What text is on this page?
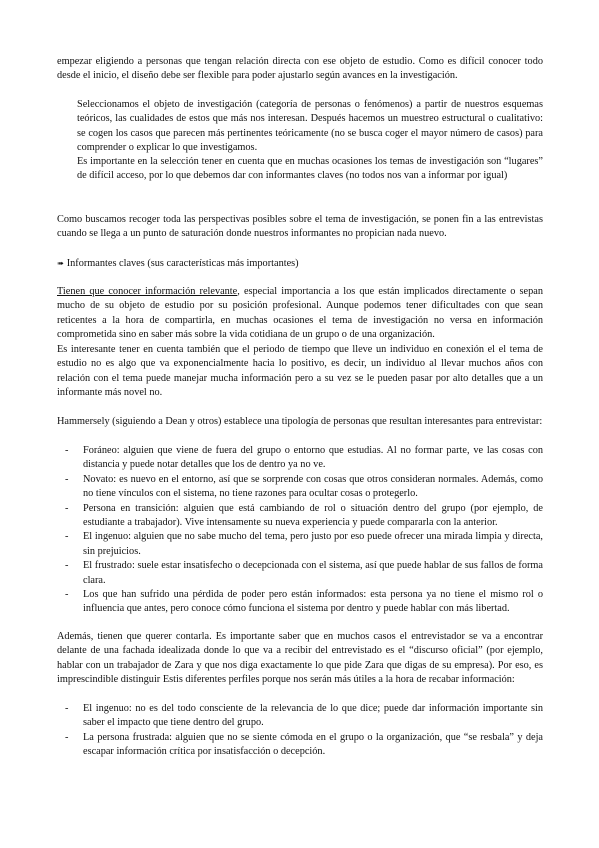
empezar eligiendo a personas que tengan relación directa con ese objeto de estudio. Como es difícil conocer todo desde el inicio, el diseño debe ser flexible para poder ajustarlo según avances en la investigación.

Seleccionamos el objeto de investigación (categoría de personas o fenómenos) a partir de nuestros esquemas teóricos, las cualidades de estos que más nos interesan. Después hacemos un muestreo estructural o cualitativo: se cogen los casos que parecen más pertinentes teóricamente (no se busca coger el mayor número de casos) para comprender o explicar lo que investigamos.

Es importante en la selección tener en cuenta que en muchas ocasiones los temas de investigación son “lugares” de difícil acceso, por lo que debemos dar con informantes claves (no todos nos van a informar por igual)

Como buscamos recoger toda las perspectivas posibles sobre el tema de investigación, se ponen fin a las entrevistas cuando se llega a un punto de saturación donde nuestros informantes no propician nada nuevo.

➠ Informantes claves (sus características más importantes)

Tienen que conocer información relevante, especial importancia a los que están implicados directamente o sepan mucho de su objeto de estudio por su posición profesional. Aunque podemos tener dificultades con que sean reticentes a la hora de compartirla, en muchas ocasiones el tema de investigación no versa en información comprometida sino en saber más sobre la vida cotidiana de un grupo o de una organización.

Es interesante tener en cuenta también que el periodo de tiempo que lleve un individuo en conexión el el tema de estudio no es algo que va exponencialmente hacia lo positivo, es decir, un individuo al llevar muchos años con relación con el tema puede manejar mucha información pero a su vez se le pueden pasar por alto detalles que a un informante más novel no.

Hammersely (siguiendo a Dean y otros) establece una tipología de personas que resultan interesantes para entrevistar:

- Foráneo: alguien que viene de fuera del grupo o entorno que estudias. Al no formar parte, ve las cosas con distancia y puede notar detalles que los de dentro ya no ve.
- Novato: es nuevo en el entorno, así que se sorprende con cosas que otros consideran normales. Además, como no tiene vínculos con el sistema, no tiene razones para ocultar cosas o protegerlo.
- Persona en transición: alguien que está cambiando de rol o situación dentro del grupo (por ejemplo, de estudiante a trabajador). Vive intensamente su nueva experiencia y puede compararla con la anterior.
- El ingenuo: alguien que no sabe mucho del tema, pero justo por eso puede ofrecer una mirada limpia y directa, sin prejuicios.
- El frustrado: suele estar insatisfecho o decepcionada con el sistema, así que puede hablar de sus fallos de forma clara.
- Los que han sufrido una pérdida de poder pero están informados: esta persona ya no tiene el mismo rol o influencia que antes, pero conoce cómo funciona el sistema por dentro y puede hablar con más libertad.

Además, tienen que querer contarla. Es importante saber que en muchos casos el entrevistador se va a encontrar delante de una fachada idealizada donde lo que va a recibir del entrevistado es el “discurso oficial” (por ejemplo, hablar con un trabajador de Zara y que nos diga exactamente lo que pide Zara que digas de su empresa). Por eso, es imprescindible distinguir Estis diferentes perfiles porque nos serán más útiles a la hora de recabar información:

- El ingenuo: no es del todo consciente de la relevancia de lo que dice; puede dar información importante sin saber el impacto que tiene dentro del grupo.
- La persona frustrada: alguien que no se siente cómoda en el grupo o la organización, que “se resbala” y deja escapar información crítica por insatisfacción o decepción.
